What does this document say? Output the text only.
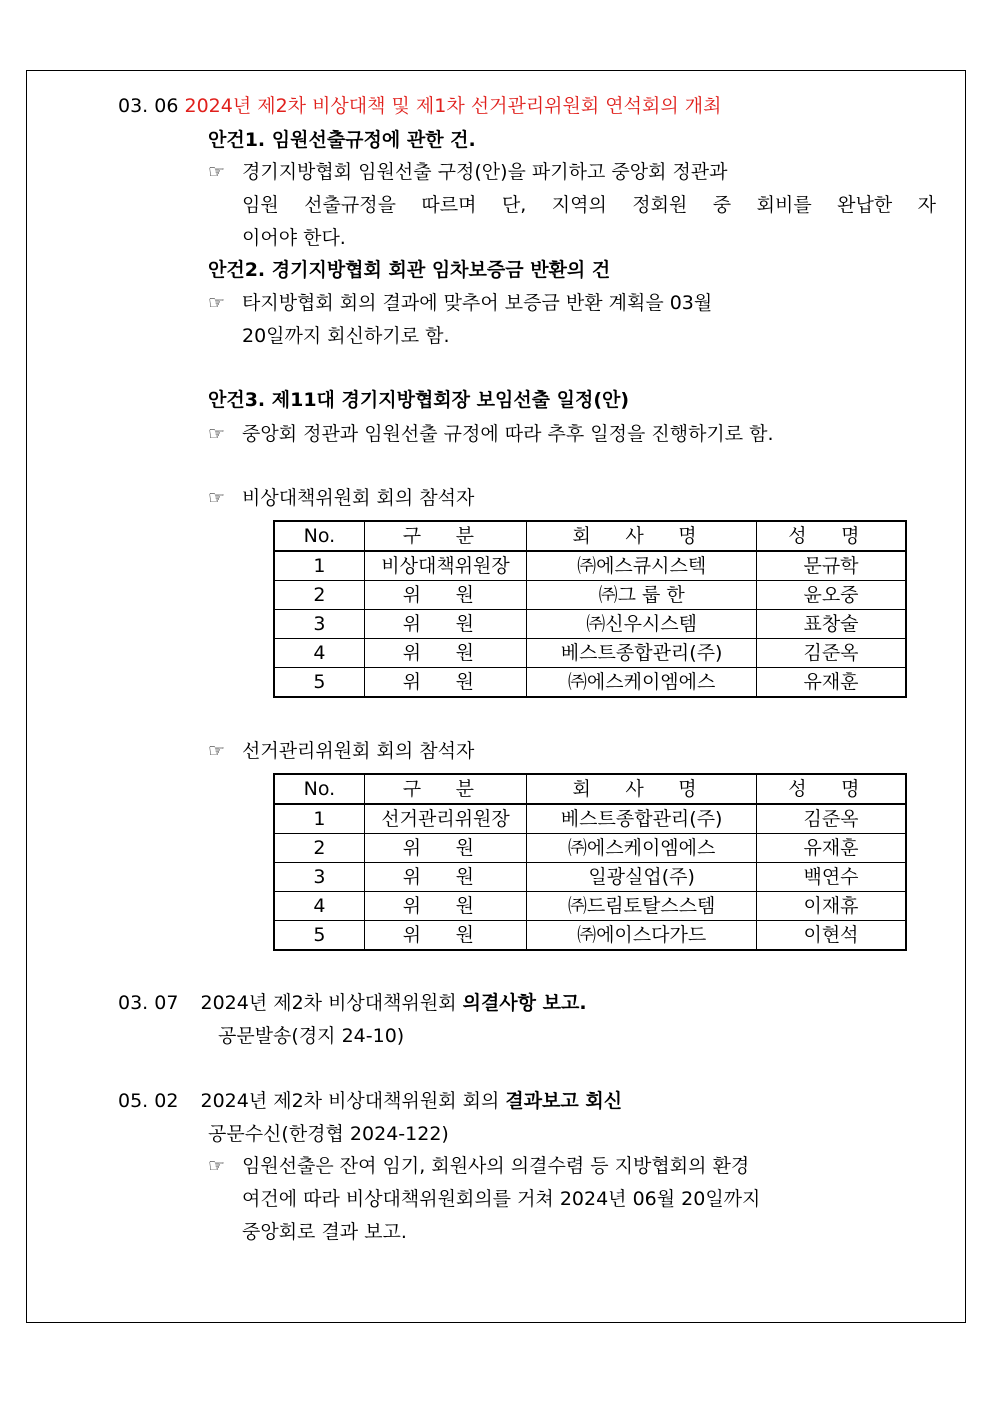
03. 06 2024년 제2차 비상대책 및 제1차 선거관리위원회 연석회의 개최
안건1. 임원선출규정에 관한 건.
☞ 경기지방협회 임원선출 구정(안)을 파기하고 중앙회 정관과
임원 선출규정을 따르며 단, 지역의 정회원 중 회비를 완납한 자
이어야 한다.
안건2. 경기지방협회 회관 임차보증금 반환의 건
☞ 타지방협회 회의 결과에 맞추어 보증금 반환 계획을 03월
20일까지 회신하기로 함.
안건3. 제11대 경기지방협회장 보임선출 일정(안)
☞ 중앙회 정관과 임원선출 규정에 따라 추후 일정을 진행하기로 함.
☞ 비상대책위원회 회의 참석자
No.	구 분	회 사 명	성 명
1	비상대책위원장	㈜에스큐시스텍	문규학
2	위 원	㈜그 룹 한	윤오중
3	위 원	㈜신우시스템	표창술
4	위 원	베스트종합관리(주)	김준옥
5	위 원	㈜에스케이엠에스	유재훈
☞ 선거관리위원회 회의 참석자
No.	구 분	회 사 명	성 명
1	선거관리위원장	베스트종합관리(주)	김준옥
2	위 원	㈜에스케이엠에스	유재훈
3	위 원	일광실업(주)	백연수
4	위 원	㈜드림토탈스스템	이재휴
5	위 원	㈜에이스다가드	이현석
03. 07 2024년 제2차 비상대책위원회 의결사항 보고.
공문발송(경지 24-10)
05. 02 2024년 제2차 비상대책위원회 회의 결과보고 회신
공문수신(한경협 2024-122)
☞ 임원선출은 잔여 임기, 회원사의 의결수렴 등 지방협회의 환경
여건에 따라 비상대책위원회의를 거쳐 2024년 06월 20일까지
중앙회로 결과 보고.
